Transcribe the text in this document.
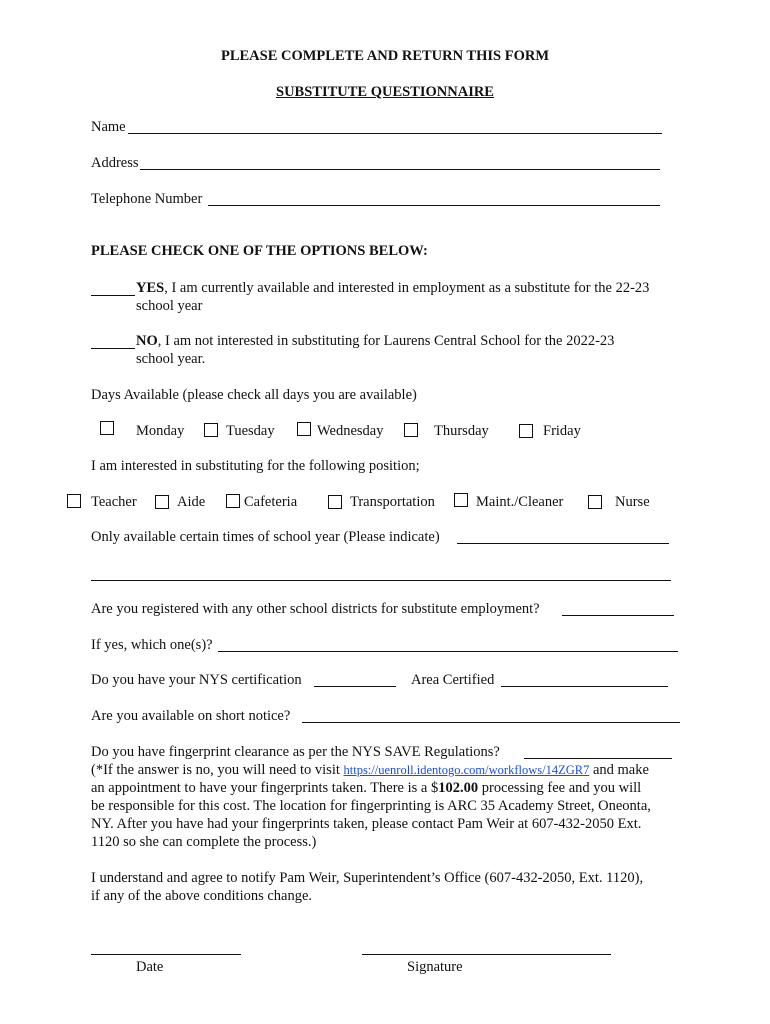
PLEASE COMPLETE AND RETURN THIS FORM
SUBSTITUTE QUESTIONNAIRE
Name
Address
Telephone Number
PLEASE CHECK ONE OF THE OPTIONS BELOW:
YES, I am currently available and interested in employment as a substitute for the 22-23
school year
NO, I am not interested in substituting for Laurens Central School for the 2022-23
school year.
Days Available (please check all days you are available)
Monday	Tuesday	Wednesday	Thursday	Friday
I am interested in substituting for the following position;
Teacher	Aide	Cafeteria	Transportation	Maint./Cleaner	Nurse
Only available certain times of school year (Please indicate)
Are you registered with any other school districts for substitute employment?
If yes, which one(s)?
Do you have your NYS certification	Area Certified
Are you available on short notice?
Do you have fingerprint clearance as per the NYS SAVE Regulations?
(*If the answer is no, you will need to visit https://uenroll.identogo.com/workflows/14ZGR7 and make
an appointment to have your fingerprints taken. There is a $102.00 processing fee and you will
be responsible for this cost. The location for fingerprinting is ARC 35 Academy Street, Oneonta,
NY. After you have had your fingerprints taken, please contact Pam Weir at 607-432-2050 Ext.
1120 so she can complete the process.)
I understand and agree to notify Pam Weir, Superintendent’s Office (607-432-2050, Ext. 1120),
if any of the above conditions change.
Date	Signature
